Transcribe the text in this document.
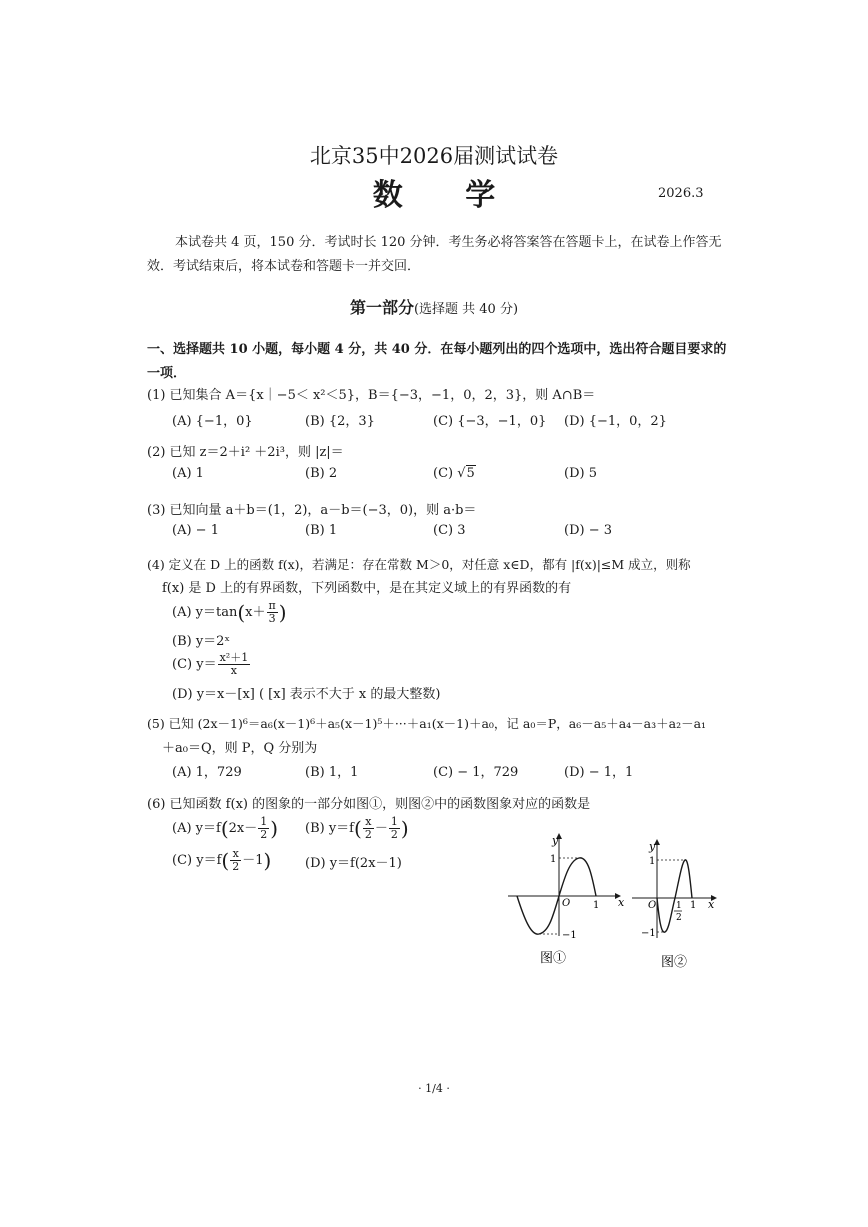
北京35中2026届测试试卷
数 学	2026.3
本试卷共 4 页，150 分．考试时长 120 分钟．考生务必将答案答在答题卡上，在试卷上作答无效．考试结束后，将本试卷和答题卡一并交回．
第一部分(选择题 共 40 分)
一、选择题共 10 小题，每小题 4 分，共 40 分．在每小题列出的四个选项中，选出符合题目要求的一项．
(1) 已知集合 A＝{x｜−5＜ x²＜5}，B＝{−3，−1，0，2，3}，则 A∩B＝
(A) {−1，0}	(B) {2，3}	(C) {−3，−1，0} (D) {−1，0，2}
(2) 已知 z＝2＋i² ＋2i³，则 |z|＝
(A) 1	(B) 2	(C) √5	(D) 5
(3) 已知向量 a＋b＝(1，2)，a－b＝(−3，0)，则 a·b＝
(A) − 1	(B) 1	(C) 3	(D) − 3
(4) 定义在 D 上的函数 f(x)，若满足：存在常数 M＞0，对任意 x∈D，都有 |f(x)|≤M 成立，则称
f(x) 是 D 上的有界函数，下列函数中，是在其定义域上的有界函数的有
(A) $y=\tan(x+ \frac{\pi}{3}$ )
(B) y＝2ˣ
(C) $y= \frac{\text{x²＋1}}{x}$
(D) y＝x－[x] ( [x] 表示不大于 x 的最大整数)
(5) 已知 (2x－1)⁶＝a₆(x－1)⁶＋a₅(x－1)⁵＋···＋a₁(x－1)＋a₀，记 a₀＝P，a₆－a₅＋a₄－a₃＋a₂－a₁
＋a₀＝Q，则 P，Q 分别为
(A) 1，729	(B) 1，1	(C) − 1，729	(D) − 1，1
(6) 已知函数 f(x) 的图象的一部分如图①，则图②中的函数图象对应的函数是
(A) $y=f(2x- \frac{1}{2}$ ) (B) $y=f( \frac{x}{2} - \frac{1}{2}$ )
(C) $y=f( \frac{x}{2} -1)$	(D) y＝f(2x－1)
y
x
O
1
1
−1
图①
y
x
O
1
1
1
2
−1
图②
· 1/4 ·
